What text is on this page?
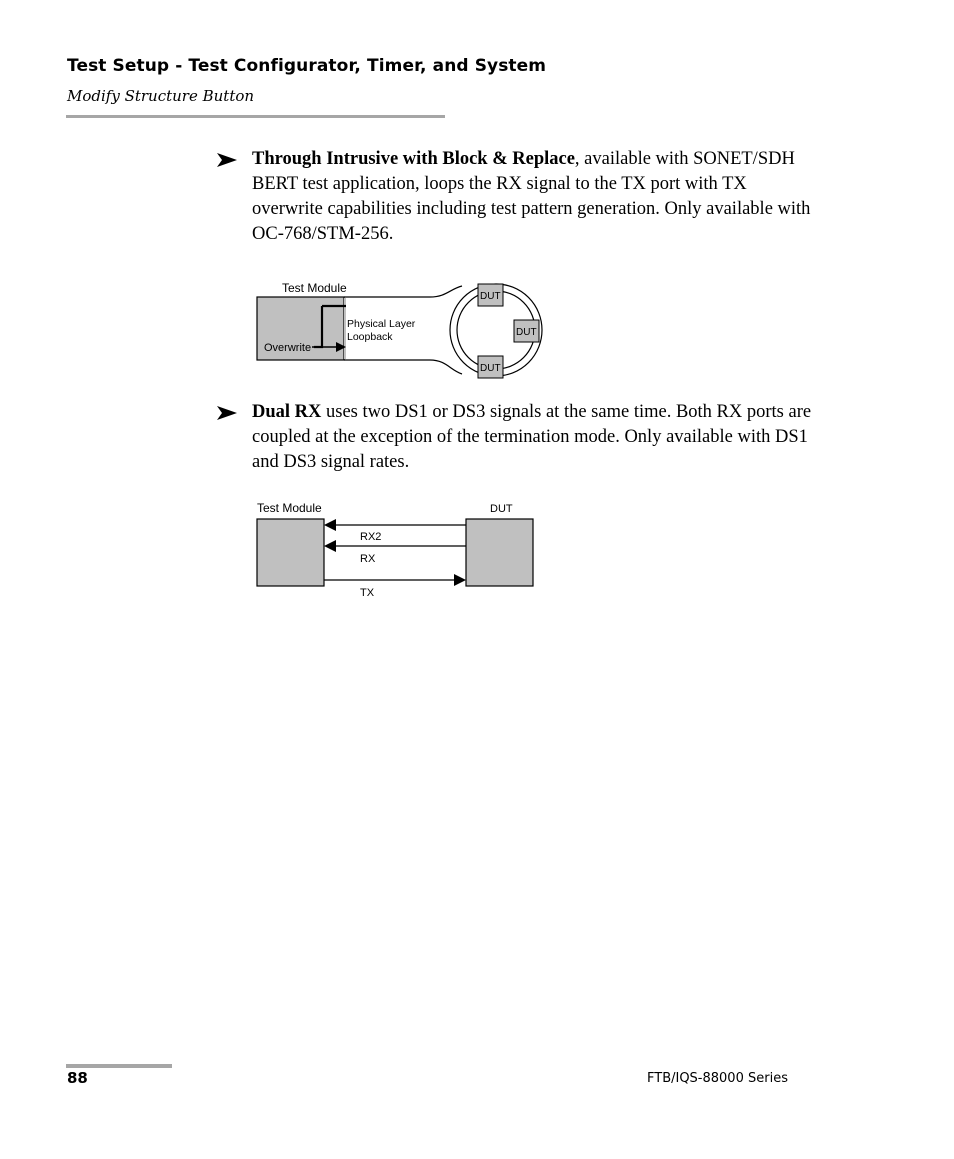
Test Setup - Test Configurator, Timer, and System
Modify Structure Button
Through Intrusive with Block & Replace, available with SONET/SDH BERT test application, loops the RX signal to the TX port with TX overwrite capabilities including test pattern generation. Only available with OC-768/STM-256.
Test Module
Overwrite
Physical Layer
Loopback
DUT
DUT
DUT
Dual RX uses two DS1 or DS3 signals at the same time. Both RX ports are coupled at the exception of the termination mode. Only available with DS1 and DS3 signal rates.
Test Module	DUT
RX2
RX
TX
88	FTB/IQS-88000 Series
